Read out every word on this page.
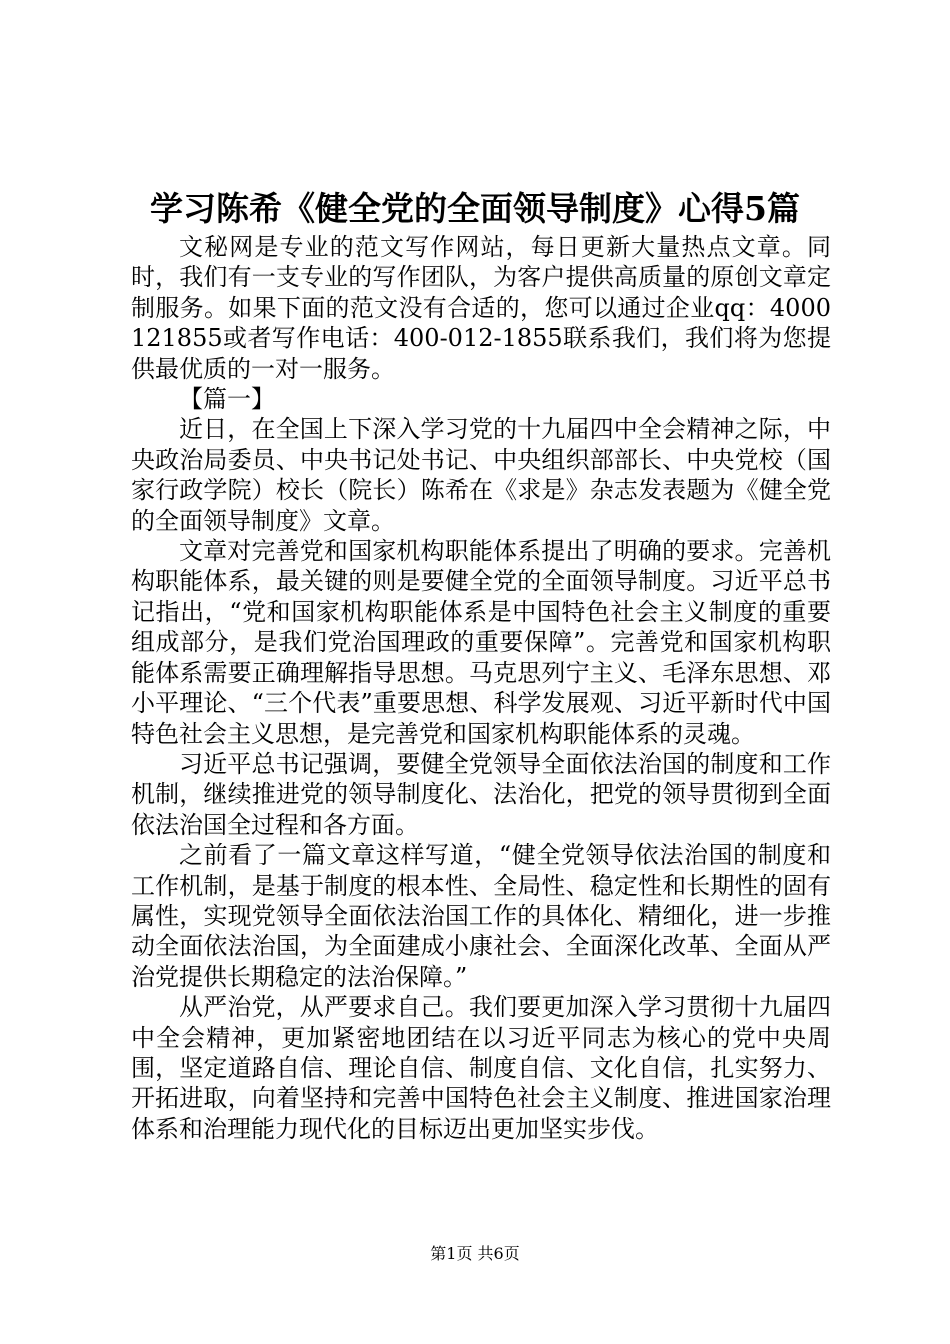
学习陈希《健全党的全面领导制度》心得5篇

文秘网是专业的范文写作网站，每日更新大量热点文章。同时，我们有一支专业的写作团队，为客户提供高质量的原创文章定制服务。如果下面的范文没有合适的，您可以通过企业qq：4000121855或者写作电话：400-012-1855联系我们，我们将为您提供最优质的一对一服务。

【篇一】

近日，在全国上下深入学习党的十九届四中全会精神之际，中央政治局委员、中央书记处书记、中央组织部部长、中央党校（国家行政学院）校长（院长）陈希在《求是》杂志发表题为《健全党的全面领导制度》文章。

文章对完善党和国家机构职能体系提出了明确的要求。完善机构职能体系，最关键的则是要健全党的全面领导制度。习近平总书记指出，“党和国家机构职能体系是中国特色社会主义制度的重要组成部分，是我们党治国理政的重要保障”。完善党和国家机构职能体系需要正确理解指导思想。马克思列宁主义、毛泽东思想、邓小平理论、“三个代表”重要思想、科学发展观、习近平新时代中国特色社会主义思想，是完善党和国家机构职能体系的灵魂。

习近平总书记强调，要健全党领导全面依法治国的制度和工作机制，继续推进党的领导制度化、法治化，把党的领导贯彻到全面依法治国全过程和各方面。

之前看了一篇文章这样写道，“健全党领导依法治国的制度和工作机制，是基于制度的根本性、全局性、稳定性和长期性的固有属性，实现党领导全面依法治国工作的具体化、精细化，进一步推动全面依法治国，为全面建成小康社会、全面深化改革、全面从严治党提供长期稳定的法治保障。”

从严治党，从严要求自己。我们要更加深入学习贯彻十九届四中全会精神，更加紧密地团结在以习近平同志为核心的党中央周围，坚定道路自信、理论自信、制度自信、文化自信，扎实努力、开拓进取，向着坚持和完善中国特色社会主义制度、推进国家治理体系和治理能力现代化的目标迈出更加坚实步伐。

第1页 共6页
